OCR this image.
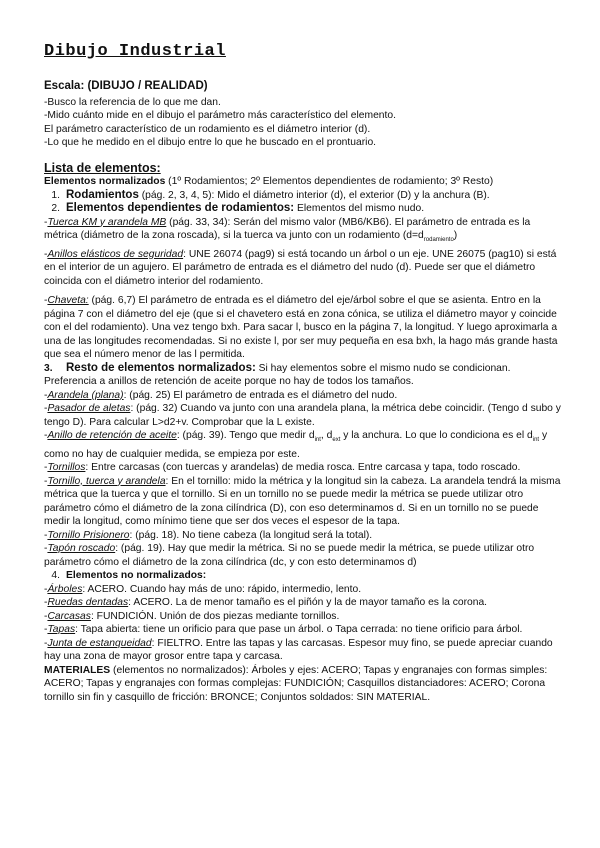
Dibujo Industrial
Escala: (DIBUJO / REALIDAD)

-Busco la referencia de lo que me dan.

-Mido cuánto mide en el dibujo el parámetro más característico del elemento.

El parámetro característico de un rodamiento es el diámetro interior (d).

-Lo que he medido en el dibujo entre lo que he buscado en el prontuario.

Lista de elementos:

Elementos normalizados (1º Rodamientos; 2º Elementos dependientes de rodamiento; 3º Resto)

1. Rodamientos (pág. 2, 3, 4, 5): Mido el diámetro interior (d), el exterior (D) y la anchura (B).

2. Elementos dependientes de rodamientos: Elementos del mismo nudo.

-Tuerca KM y arandela MB (pág. 33, 34): Serán del mismo valor (MB6/KB6). El parámetro de entrada es la métrica (diámetro de la zona roscada), si la tuerca va junto con un rodamiento $(d=d_{rodamiento})$

-Anillos elásticos de seguridad: UNE 26074 (pag9) si está tocando un árbol o un eje. UNE 26075 (pag10) si está en el interior de un agujero. El parámetro de entrada es el diámetro del nudo (d). Puede ser que el diámetro coincida con el diámetro interior del rodamiento.

-Chaveta: (pág. 6,7) El parámetro de entrada es el diámetro del eje/árbol sobre el que se asienta. Entro en la página 7 con el diámetro del eje (que si el chavetero está en zona cónica, se utiliza el diámetro mayor y coincide con el del rodamiento). Una vez tengo bxh. Para sacar l, busco en la página 7, la longitud. Y luego aproximarla a una de las longitudes recomendadas. Si no existe l, por ser muy pequeña en esa bxh, la hago más grande hasta que sea el número menor de las l permitida.

3. Resto de elementos normalizados: Si hay elementos sobre el mismo nudo se condicionan. Preferencia a anillos de retención de aceite porque no hay de todos los tamaños.

-Arandela (plana): (pág. 25) El parámetro de entrada es el diámetro del nudo.

-Pasador de aletas: (pág. 32) Cuando va junto con una arandela plana, la métrica debe coincidir. (Tengo d subo y tengo D). Para calcular L>d2+v. Comprobar que la L existe.

-Anillo de retención de aceite: (pág. 39). Tengo que medir $d_{int}$, $d_{ext}$ y la anchura. Lo que lo condiciona es el $d_{int}$ y como no hay de cualquier medida, se empieza por este.

-Tornillos: Entre carcasas (con tuercas y arandelas) de media rosca. Entre carcasa y tapa, todo roscado.

-Tornillo, tuerca y arandela: En el tornillo: mido la métrica y la longitud sin la cabeza. La arandela tendrá la misma métrica que la tuerca y que el tornillo. Si en un tornillo no se puede medir la métrica se puede utilizar otro parámetro cómo el diámetro de la zona cilíndrica (D), con eso determinamos d. Si en un tornillo no se puede medir la longitud, como mínimo tiene que ser dos veces el espesor de la tapa.

-Tornillo Prisionero: (pág. 18). No tiene cabeza (la longitud será la total).

-Tapón roscado: (pág. 19). Hay que medir la métrica. Si no se puede medir la métrica, se puede utilizar otro parámetro cómo el diámetro de la zona cilíndrica (dc, y con esto determinamos d)

4. Elementos no normalizados:

-Árboles: ACERO. Cuando hay más de uno: rápido, intermedio, lento.

-Ruedas dentadas: ACERO. La de menor tamaño es el piñón y la de mayor tamaño es la corona.

-Carcasas: FUNDICIÓN. Unión de dos piezas mediante tornillos.

-Tapas: Tapa abierta: tiene un orificio para que pase un árbol. o Tapa cerrada: no tiene orificio para árbol.

-Junta de estanqueidad: FIELTRO. Entre las tapas y las carcasas. Espesor muy fino, se puede apreciar cuando hay una zona de mayor grosor entre tapa y carcasa.

MATERIALES (elementos no normalizados): Árboles y ejes: ACERO; Tapas y engranajes con formas simples: ACERO; Tapas y engranajes con formas complejas: FUNDICIÓN; Casquillos distanciadores: ACERO; Corona tornillo sin fin y casquillo de fricción: BRONCE; Conjuntos soldados: SIN MATERIAL.
